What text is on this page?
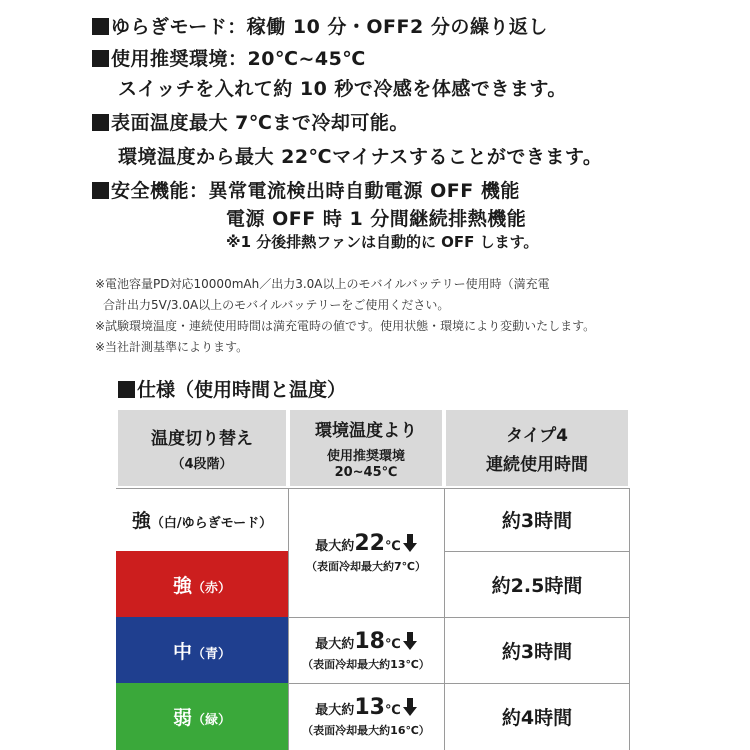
ゆらぎモード：稼働 10 分・OFF2 分の繰り返し
使用推奨環境：20℃~45℃
スイッチを入れて約 10 秒で冷感を体感できます。
表面温度最大 7℃まで冷却可能。
環境温度から最大 22℃マイナスすることができます。
安全機能：異常電流検出時自動電源 OFF 機能
電源 OFF 時 1 分間継続排熱機能
※1 分後排熱ファンは自動的に OFF します。
※電池容量PD対応10000mAh／出力3.0A以上のモバイルバッテリー使用時（満充電
合計出力5V/3.0A以上のモバイルバッテリーをご使用ください。
※試験環境温度・連続使用時間は満充電時の値です。使用状態・環境により変動いたします。
※当社計測基準によります。
仕様（使用時間と温度）
温度切り替え
（4段階）
環境温度より
使用推奨環境
20~45℃
タイプ4
連続使用時間
強（白/ゆらぎモード）
強（赤）
中（青）
弱（緑）
最大約22℃
（表面冷却最大約7℃）
最大約18℃
（表面冷却最大約13℃）
最大約13℃
（表面冷却最大約16℃）
約3時間
約2.5時間
約3時間
約4時間
